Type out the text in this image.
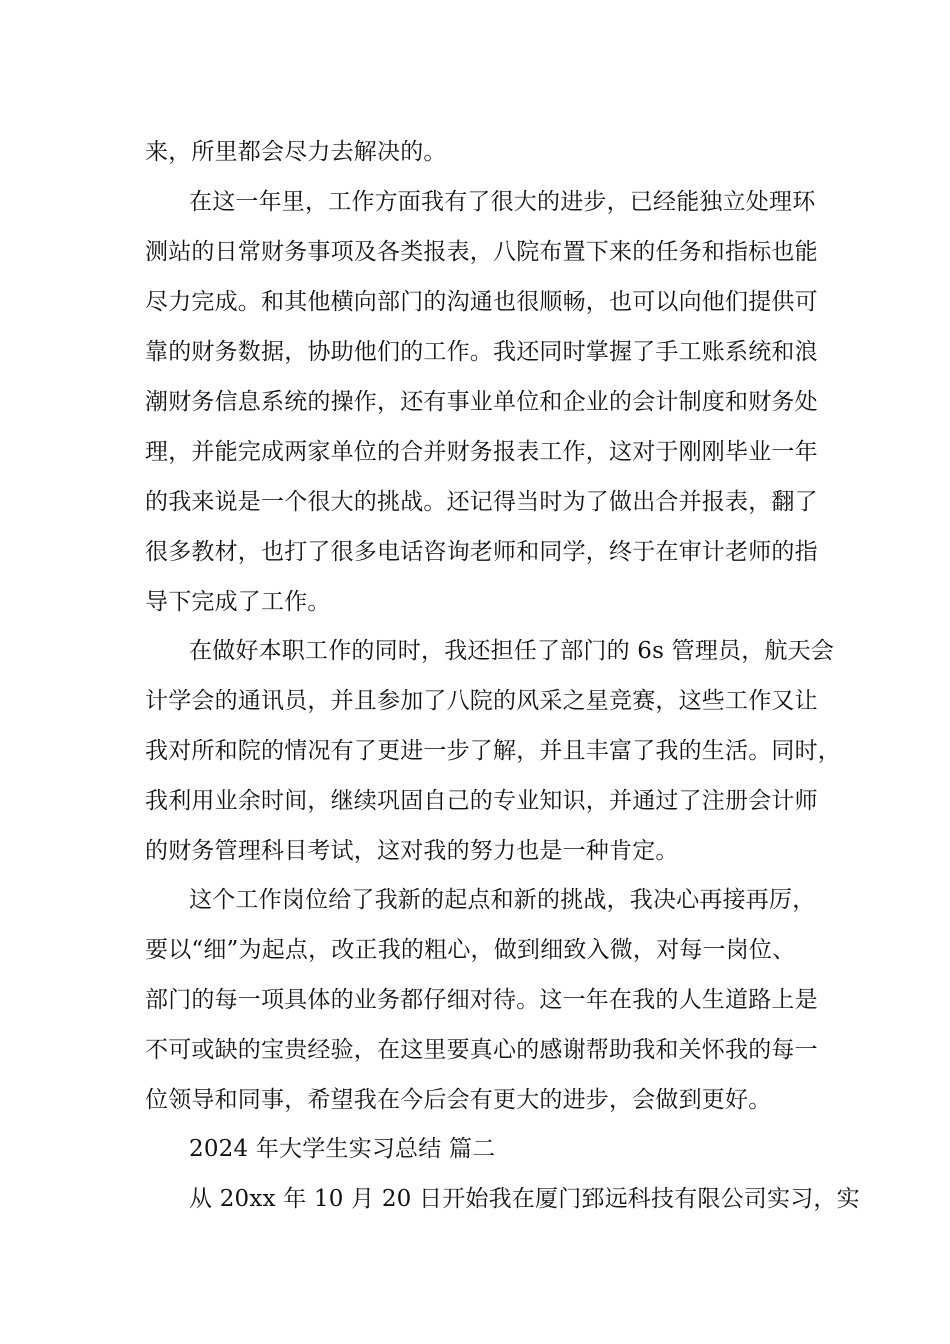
来，所里都会尽力去解决的。
在这一年里，工作方面我有了很大的进步，已经能独立处理环
测站的日常财务事项及各类报表，八院布置下来的任务和指标也能
尽力完成。和其他横向部门的沟通也很顺畅，也可以向他们提供可
靠的财务数据，协助他们的工作。我还同时掌握了手工账系统和浪
潮财务信息系统的操作，还有事业单位和企业的会计制度和财务处
理，并能完成两家单位的合并财务报表工作，这对于刚刚毕业一年
的我来说是一个很大的挑战。还记得当时为了做出合并报表，翻了
很多教材，也打了很多电话咨询老师和同学，终于在审计老师的指
导下完成了工作。
在做好本职工作的同时，我还担任了部门的 6s 管理员，航天会
计学会的通讯员，并且参加了八院的风采之星竞赛，这些工作又让
我对所和院的情况有了更进一步了解，并且丰富了我的生活。同时，
我利用业余时间，继续巩固自己的专业知识，并通过了注册会计师
的财务管理科目考试，这对我的努力也是一种肯定。
这个工作岗位给了我新的起点和新的挑战，我决心再接再厉，
要以“细”为起点，改正我的粗心，做到细致入微，对每一岗位、
部门的每一项具体的业务都仔细对待。这一年在我的人生道路上是
不可或缺的宝贵经验，在这里要真心的感谢帮助我和关怀我的每一
位领导和同事，希望我在今后会有更大的进步，会做到更好。
2024 年大学生实习总结 篇二
从 20xx 年 10 月 20 日开始我在厦门郅远科技有限公司实习，实
